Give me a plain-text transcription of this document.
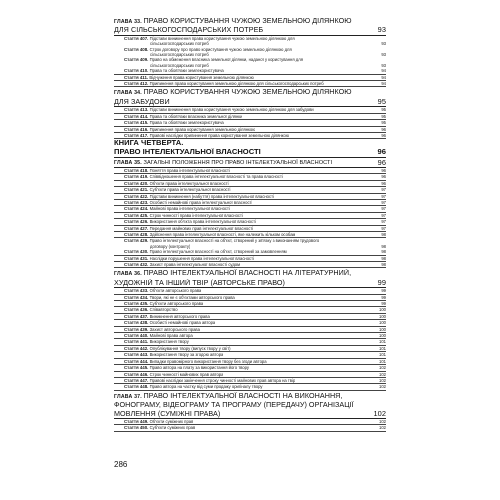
ГЛАВА 33. ПРАВО КОРИСТУВАННЯ ЧУЖОЮ ЗЕМЕЛЬНОЮ ДІЛЯНКОЮ
ДЛЯ СІЛЬСЬКОГОСПОДАРСЬКИХ ПОТРЕБ	93
Стаття 407. Підстави виникнення права користування чужою земельною ділянкою для
сільськогосподарських потреб	93
Стаття 408. Строк договору про право користування чужою земельною ділянкою для
сільськогосподарських потреб	93
Стаття 409. Право на обмеження власника земельної ділянки, наданої у користування для
сільськогосподарських потреб	93
Стаття 410. Права та обов'язки землекористувача	94
Стаття 411. Відчуження права користування земельною ділянкою	94
Стаття 412. Припинення права користування земельною ділянкою для сільськогосподарських потреб	94
ГЛАВА 34. ПРАВО КОРИСТУВАННЯ ЧУЖОЮ ЗЕМЕЛЬНОЮ ДІЛЯНКОЮ
ДЛЯ ЗАБУДОВИ	95
Стаття 413. Підстави виникнення права користування чужою земельною ділянкою для забудови	95
Стаття 414. Права та обов'язки власника земельної ділянки	95
Стаття 415. Права та обов'язки землекористувача	95
Стаття 416. Припинення права користування земельною ділянкою	96
Стаття 417. Правові наслідки припинення права користування земельною ділянкою	96
КНИГА ЧЕТВЕРТА.
ПРАВО ІНТЕЛЕКТУАЛЬНОЇ ВЛАСНОСТІ	96
ГЛАВА 35. ЗАГАЛЬНІ ПОЛОЖЕННЯ ПРО ПРАВО ІНТЕЛЕКТУАЛЬНОЇ ВЛАСНОСТІ	96
Стаття 418. Поняття права інтелектуальної власності	96
Стаття 419. Співвідношення права інтелектуальної власності та права власності	96
Стаття 420. Об'єкти права інтелектуальної власності	96
Стаття 421. Суб'єкти права інтелектуальної власності	97
Стаття 422. Підстави виникнення (набуття) права інтелектуальної власності	97
Стаття 423. Особисті немайнові права інтелектуальної власності	97
Стаття 424. Майнові права інтелектуальної власності	97
Стаття 425. Строк чинності права інтелектуальної власності	97
Стаття 426. Використання об'єкта права інтелектуальної власності	97
Стаття 427. Передання майнових прав інтелектуальної власності	97
Стаття 428. Здійснення права інтелектуальної власності, яке належить кільком особам	98
Стаття 429. Право інтелектуальної власності на об'єкт, створений у зв'язку з виконанням трудового
договору (контракту)	98
Стаття 430. Право інтелектуальної власності на об'єкт, створений за замовленням	98
Стаття 431. Наслідки порушення права інтелектуальної власності	98
Стаття 432. Захист права інтелектуальної власності судом	98
ГЛАВА 36. ПРАВО ІНТЕЛЕКТУАЛЬНОЇ ВЛАСНОСТІ НА ЛІТЕРАТУРНИЙ,
ХУДОЖНІЙ ТА ІНШИЙ ТВІР (АВТОРСЬКЕ ПРАВО)	99
Стаття 433. Об'єкти авторського права	99
Стаття 434. Твори, які не є об'єктами авторського права	99
Стаття 435. Суб'єкти авторського права	99
Стаття 436. Співавторство	100
Стаття 437. Виникнення авторського права	100
Стаття 438. Особисті немайнові права автора	100
Стаття 439. Захист авторського права	100
Стаття 440. Майнові права автора	100
Стаття 441. Використання твору	101
Стаття 442. Опублікування твору (випуск твору у світ)	101
Стаття 443. Використання твору за згодою автора	101
Стаття 444. Випадки правомірного використання твору без згоди автора	101
Стаття 445. Право автора на плату за використання його твору	102
Стаття 446. Строк чинності майнових прав автора	102
Стаття 447. Правові наслідки закінчення строку чинності майнових прав автора на твір	102
Стаття 448. Право автора на частку від суми продажу оригіналу твору	102
ГЛАВА 37. ПРАВО ІНТЕЛЕКТУАЛЬНОЇ ВЛАСНОСТІ НА ВИКОНАННЯ,
ФОНОГРАМУ, ВІДЕОГРАМУ ТА ПРОГРАМУ (ПЕРЕДАЧУ) ОРГАНІЗАЦІЇ
МОВЛЕННЯ (СУМІЖНІ ПРАВА)	102
Стаття 449. Об'єкти суміжних прав	102
Стаття 450. Суб'єкти суміжних прав	102
286
